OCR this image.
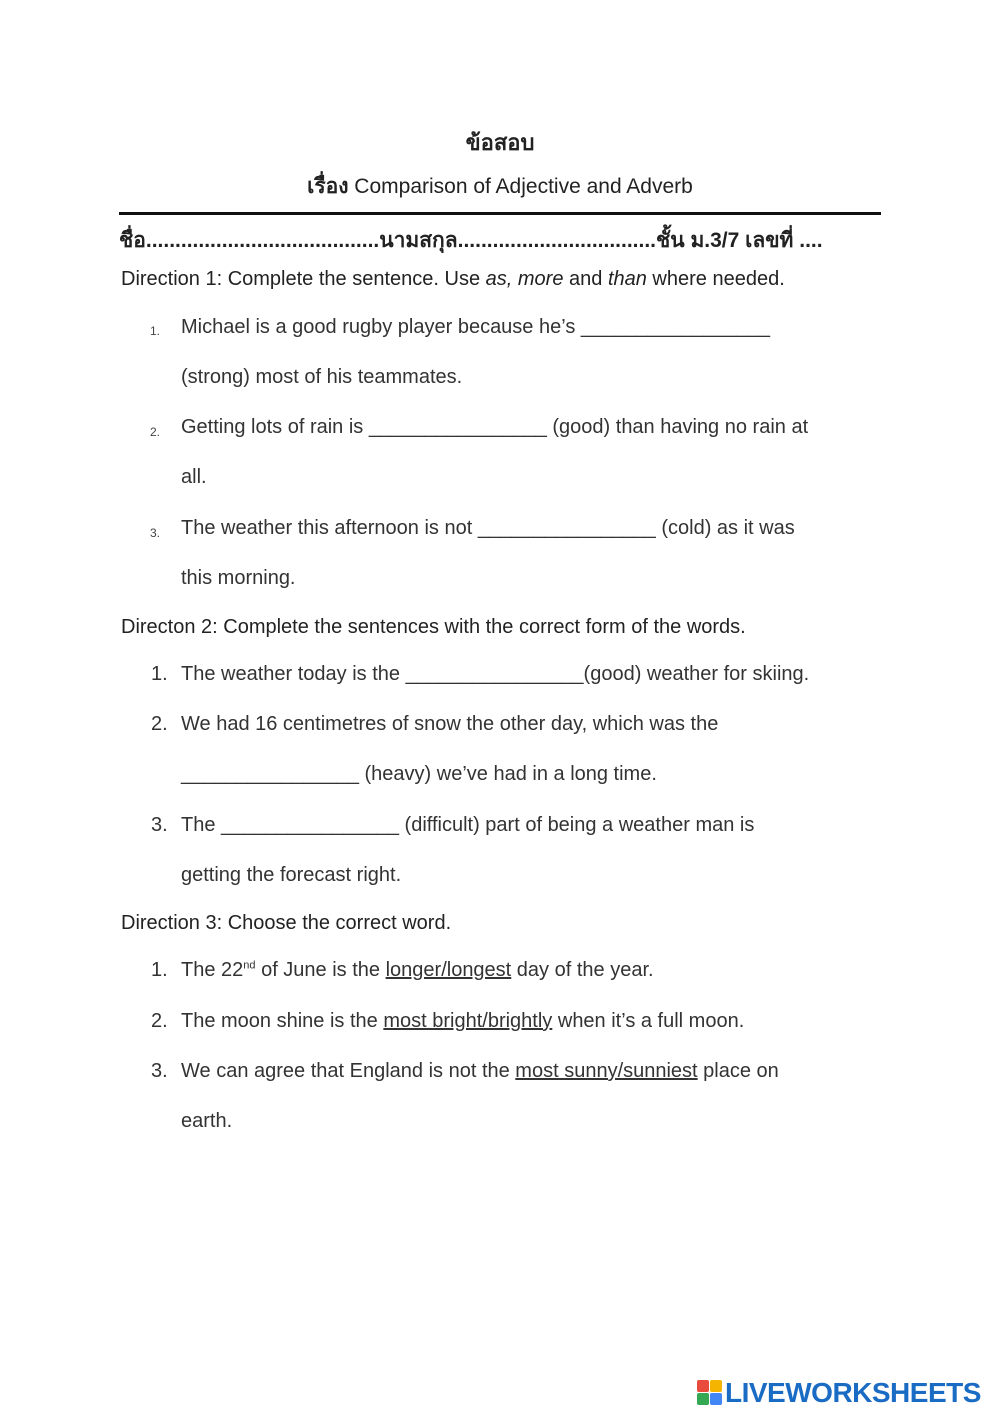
ข้อสอบ
เรื่อง Comparison of Adjective and Adverb
ชื่อ........................................นามสกุล..................................ชั้น ม.3/7 เลขที่ ....
Direction 1: Complete the sentence. Use as, more and than where needed.
1. Michael is a good rugby player because he’s _________________
(strong) most of his teammates.
2. Getting lots of rain is ________________ (good) than having no rain at
all.
3. The weather this afternoon is not ________________ (cold) as it was
this morning.
Directon 2: Complete the sentences with the correct form of the words.
1. The weather today is the ________________(good) weather for skiing.
2. We had 16 centimetres of snow the other day, which was the
________________ (heavy) we’ve had in a long time.
3. The ________________ (difficult) part of being a weather man is
getting the forecast right.
Direction 3: Choose the correct word.
1. The 22nd of June is the longer/longest day of the year.
2. The moon shine is the most bright/brightly when it’s a full moon.
3. We can agree that England is not the most sunny/sunniest place on
earth.
LIVEWORKSHEETS
